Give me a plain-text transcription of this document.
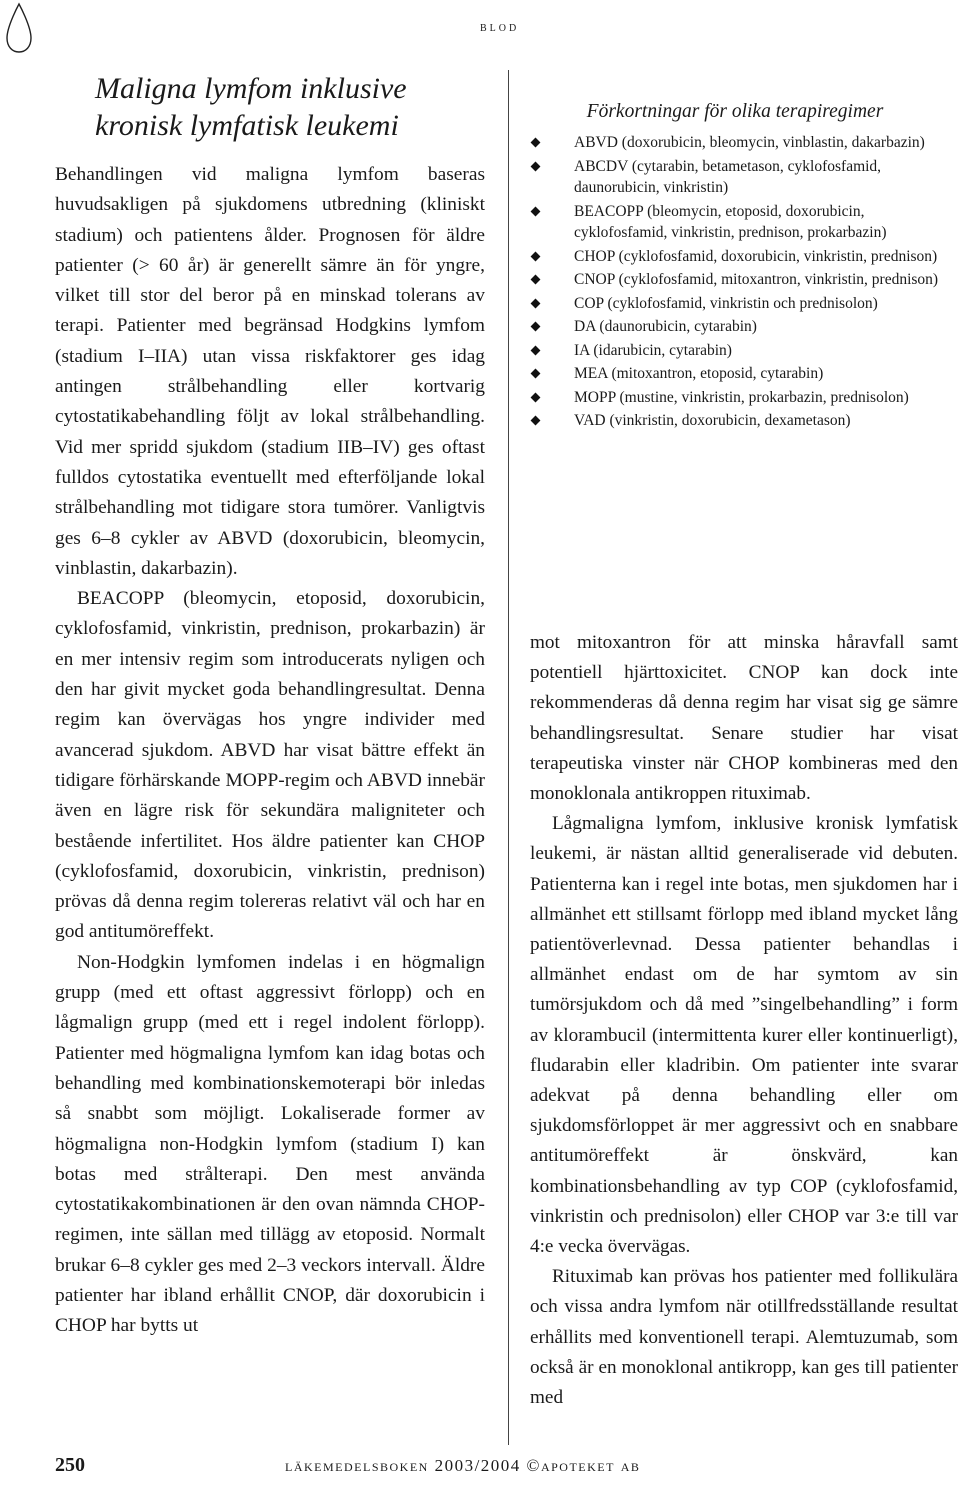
blod
Maligna lymfom inklusive
kronisk lymfatisk leukemi

Behandlingen vid maligna lymfom baseras huvudsakligen på sjukdomens utbredning (kliniskt stadium) och patientens ålder. Prognosen för äldre patienter (> 60 år) är generellt sämre än för yngre, vilket till stor del beror på en minskad tolerans av terapi. Patienter med begränsad Hodgkins lymfom (stadium I–IIA) utan vissa riskfaktorer ges idag antingen strålbehandling eller kortvarig cytostatikabehandling följt av lokal strålbehandling. Vid mer spridd sjukdom (stadium IIB–IV) ges oftast fulldos cytostatika eventuellt med efterföljande lokal strålbehandling mot tidigare stora tumörer. Vanligtvis ges 6–8 cykler av ABVD (doxorubicin, bleomycin, vinblastin, dakarbazin).

BEACOPP (bleomycin, etoposid, doxorubicin, cyklofosfamid, vinkristin, prednison, prokarbazin) är en mer intensiv regim som introducerats nyligen och den har givit mycket goda behandlingresultat. Denna regim kan övervägas hos yngre individer med avancerad sjukdom. ABVD har visat bättre effekt än tidigare förhärskande MOPP-regim och ABVD innebär även en lägre risk för sekundära maligniteter och bestående infertilitet. Hos äldre patienter kan CHOP (cyklofosfamid, doxorubicin, vinkristin, prednison) prövas då denna regim tolereras relativt väl och har en god antitumöreffekt.

Non-Hodgkin lymfomen indelas i en högmalign grupp (med ett oftast aggressivt förlopp) och en lågmalign grupp (med ett i regel indolent förlopp). Patienter med högmaligna lymfom kan idag botas och behandling med kombinationskemoterapi bör inledas så snabbt som möjligt. Lokaliserade former av högmaligna non-Hodgkin lymfom (stadium I) kan botas med strålterapi. Den mest använda cytostatikakombinationen är den ovan nämnda CHOP-regimen, inte sällan med tillägg av etoposid. Normalt brukar 6–8 cykler ges med 2–3 veckors intervall. Äldre patienter har ibland erhållit CNOP, där doxorubicin i CHOP har bytts ut

Förkortningar för olika terapiregimer
ABVD (doxorubicin, bleomycin, vinblastin, dakarbazin)
ABCDV (cytarabin, betametason, cyklofosfamid, daunorubicin, vinkristin)
BEACOPP (bleomycin, etoposid, doxorubicin, cyklofosfamid, vinkristin, prednison, prokarbazin)
CHOP (cyklofosfamid, doxorubicin, vinkristin, prednison)
CNOP (cyklofosfamid, mitoxantron, vinkristin, prednison)
COP (cyklofosfamid, vinkristin och prednisolon)
DA (daunorubicin, cytarabin)
IA (idarubicin, cytarabin)
MEA (mitoxantron, etoposid, cytarabin)
MOPP (mustine, vinkristin, prokarbazin, prednisolon)
VAD (vinkristin, doxorubicin, dexametason)

mot mitoxantron för att minska håravfall samt potentiell hjärttoxicitet. CNOP kan dock inte rekommenderas då denna regim har visat sig ge sämre behandlingsresultat. Senare studier har visat terapeutiska vinster när CHOP kombineras med den monoklonala antikroppen rituximab.

Lågmaligna lymfom, inklusive kronisk lymfatisk leukemi, är nästan alltid generaliserade vid debuten. Patienterna kan i regel inte botas, men sjukdomen har i allmänhet ett stillsamt förlopp med ibland mycket lång patientöverlevnad. Dessa patienter behandlas i allmänhet endast om de har symtom av sin tumörsjukdom och då med ”singelbehandling” i form av klorambucil (intermittenta kurer eller kontinuerligt), fludarabin eller kladribin. Om patienter inte svarar adekvat på denna behandling eller om sjukdomsförloppet är mer aggressivt och en snabbare antitumöreffekt är önskvärd, kan kombinationsbehandling av typ COP (cyklofosfamid, vinkristin och prednisolon) eller CHOP var 3:e till var 4:e vecka övervägas.

Rituximab kan prövas hos patienter med follikulära och vissa andra lymfom när otillfredsställande resultat erhållits med konventionell terapi. Alemtuzumab, som också är en monoklonal antikropp, kan ges till patienter med

250	läkemedelsboken 2003/2004 ©apoteket ab
